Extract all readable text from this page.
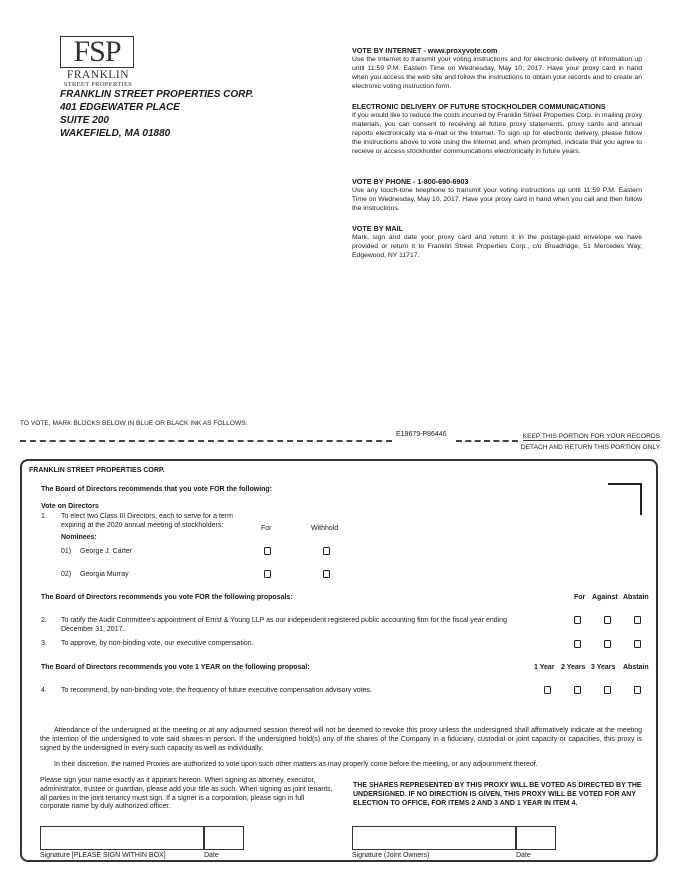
FSP
FRANKLIN
STREET PROPERTIES
FRANKLIN STREET PROPERTIES CORP.
401 EDGEWATER PLACE
SUITE 200
WAKEFIELD, MA 01880

VOTE BY INTERNET - www.proxyvote.com

Use the Internet to transmit your voting instructions and for electronic delivery of information up until 11:59 P.M. Eastern Time on Wednesday, May 10, 2017. Have your proxy card in hand when you access the web site and follow the instructions to obtain your records and to create an electronic voting instruction form.

ELECTRONIC DELIVERY OF FUTURE STOCKHOLDER COMMUNICATIONS

If you would like to reduce the costs incurred by Franklin Street Properties Corp. in mailing proxy materials, you can consent to receiving all future proxy statements, proxy cards and annual reports electronically via e-mail or the Internet. To sign up for electronic delivery, please follow the instructions above to vote using the Internet and, when prompted, indicate that you agree to receive or access stockholder communications electronically in future years.

VOTE BY PHONE - 1-800-690-6903

Use any touch-tone telephone to transmit your voting instructions up until 11:59 P.M. Eastern Time on Wednesday, May 10, 2017. Have your proxy card in hand when you call and then follow the instructions.

VOTE BY MAIL

Mark, sign and date your proxy card and return it in the postage-paid envelope we have provided or return it to Franklin Street Properties Corp., c/o Broadridge, 51 Mercedes Way, Edgewood, NY 11717.

TO VOTE, MARK BLOCKS BELOW IN BLUE OR BLACK INK AS FOLLOWS:
E19679-P86446	KEEP THIS PORTION FOR YOUR RECORDS
DETACH AND RETURN THIS PORTION ONLY
FRANKLIN STREET PROPERTIES CORP.
The Board of Directors recommends that you vote FOR the following:
Vote on Directors
1. To elect two Class III Directors, each to serve for a term
expiring at the 2020 annual meeting of stockholders:	For	Withhold
Nominees:
01) George J. Carter
02) Georgia Murray
The Board of Directors recommends you vote FOR the following proposals:	For Against Abstain
2. To ratify the Audit Committee's appointment of Ernst & Young LLP as our independent registered public accounting firm for the fiscal year ending
December 31, 2017.
3. To approve, by non-binding vote, our executive compensation.
The Board of Directors recommends you vote 1 YEAR on the following proposal:	1 Year 2 Years 3 Years Abstain
4. To recommend, by non-binding vote, the frequency of future executive compensation advisory votes.
Attendance of the undersigned at the meeting or at any adjourned session thereof will not be deemed to revoke this proxy unless the undersigned shall affirmatively indicate at the meeting the intention of the undersigned to vote said shares in person. If the undersigned hold(s) any of the shares of the Company in a fiduciary, custodial or joint capacity or capacities, this proxy is signed by the undersigned in every such capacity as well as individually.
In their discretion, the named Proxies are authorized to vote upon such other matters as may properly come before the meeting, or any adjournment thereof.
Please sign your name exactly as it appears hereon. When signing as attorney, executor, administrator, trustee or guardian, please add your title as such. When signing as joint tenants, all parties in the joint tenancy must sign. If a signer is a corporation, please sign in full corporate name by duly authorized officer.
THE SHARES REPRESENTED BY THIS PROXY WILL BE VOTED AS DIRECTED BY THE UNDERSIGNED. IF NO DIRECTION IS GIVEN, THIS PROXY WILL BE VOTED FOR ANY ELECTION TO OFFICE, FOR ITEMS 2 AND 3 AND 1 YEAR IN ITEM 4.
Signature [PLEASE SIGN WITHIN BOX]	Date	Signature (Joint Owners)	Date
